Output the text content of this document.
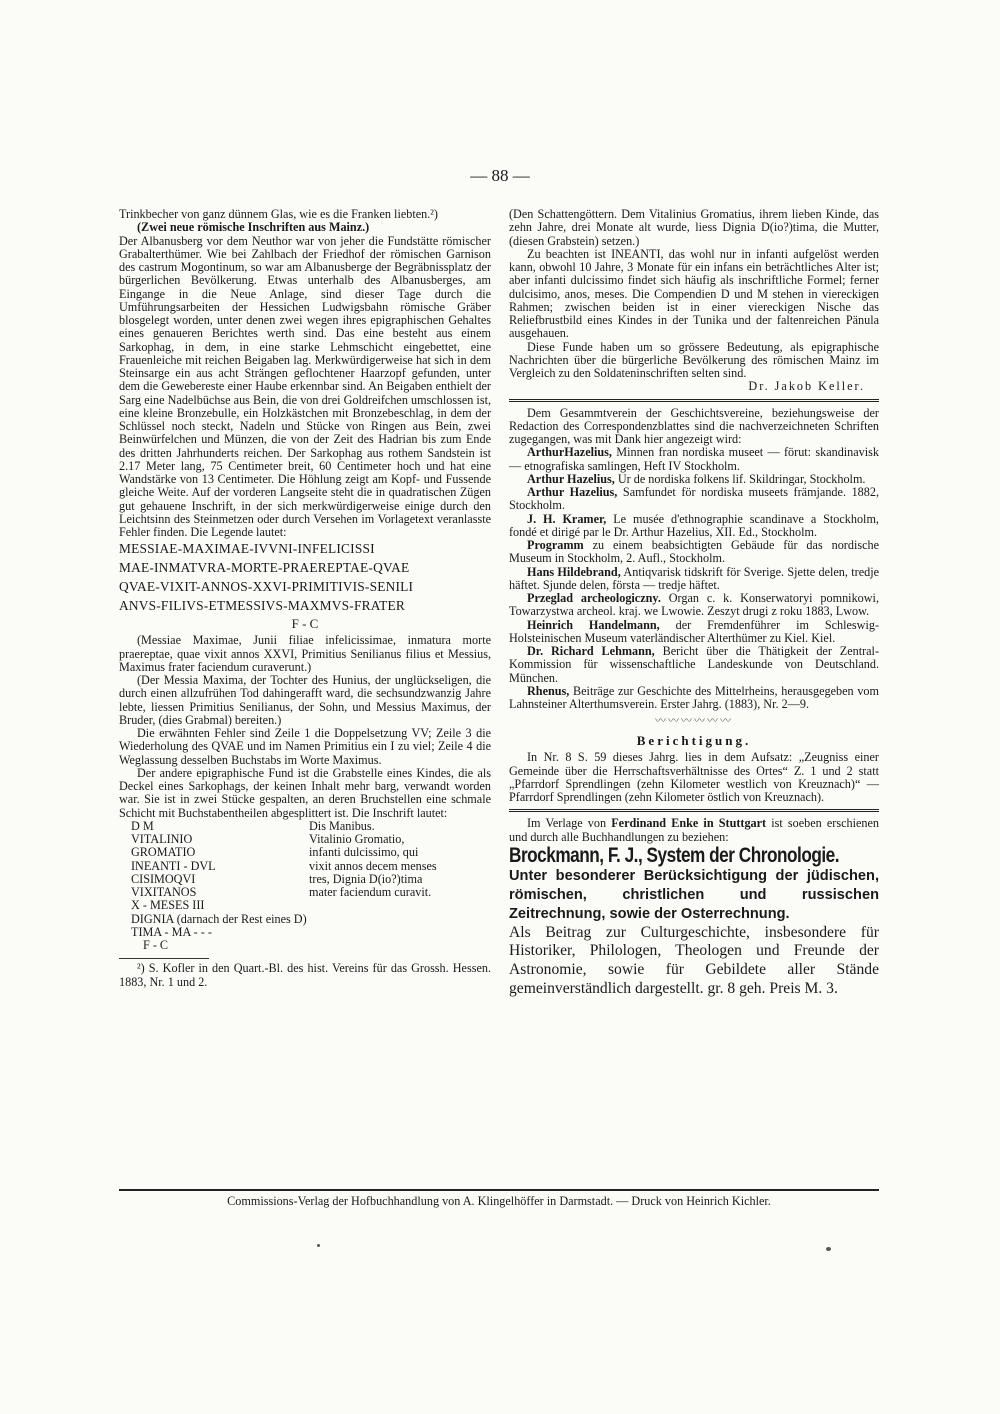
— 88 —

Trinkbecher von ganz dünnem Glas, wie es die Franken liebten.²)

(Zwei neue römische Inschriften aus Mainz.)

Der Albanusberg vor dem Neuthor war von jeher die Fundstätte römischer Grabalterthümer. Wie bei Zahlbach der Friedhof der römischen Garnison des castrum Mogontinum, so war am Albanusberge der Begräbnissplatz der bürgerlichen Bevölkerung. Etwas unterhalb des Albanusberges, am Eingange in die Neue Anlage, sind dieser Tage durch die Umführungsarbeiten der Hessichen Ludwigsbahn römische Gräber blosgelegt worden, unter denen zwei wegen ihres epigraphischen Gehaltes eines genaueren Berichtes werth sind. Das eine besteht aus einem Sarkophag, in dem, in eine starke Lehmschicht eingebettet, eine Frauenleiche mit reichen Beigaben lag. Merkwürdigerweise hat sich in dem Steinsarge ein aus acht Strängen geflochtener Haarzopf gefunden, unter dem die Gewebereste einer Haube erkennbar sind. An Beigaben enthielt der Sarg eine Nadelbüchse aus Bein, die von drei Goldreifchen umschlossen ist, eine kleine Bronzebulle, ein Holzkästchen mit Bronzebeschlag, in dem der Schlüssel noch steckt, Nadeln und Stücke von Ringen aus Bein, zwei Beinwürfelchen und Münzen, die von der Zeit des Hadrian bis zum Ende des dritten Jahrhunderts reichen. Der Sarkophag aus rothem Sandstein ist 2.17 Meter lang, 75 Centimeter breit, 60 Centimeter hoch und hat eine Wandstärke von 13 Centimeter. Die Höhlung zeigt am Kopf- und Fussende gleiche Weite. Auf der vorderen Langseite steht die in quadratischen Zügen gut gehauene Inschrift, in der sich merkwürdigerweise einige durch den Leichtsinn des Steinmetzen oder durch Versehen im Vorlagetext veranlasste Fehler finden. Die Legende lautet:

MESSIAE-MAXIMAE-IVVNI-INFELICISSI
MAE-INMATVRA-MORTE-PRAEREPTAE-QVAE
QVAE-VIXIT-ANNOS-XXVI-PRIMITIVIS-SENILI
ANVS-FILIVS-ETMESSIVS-MAXMVS-FRATER
F - C

(Messiae Maximae, Junii filiae infelicissimae, inmatura morte praereptae, quae vixit annos XXVI, Primitius Senilianus filius et Messius, Maximus frater faciendum curaverunt.)

(Der Messia Maxima, der Tochter des Hunius, der unglückseligen, die durch einen allzufrühen Tod dahingerafft ward, die sechsundzwanzig Jahre lebte, liessen Primitius Senilianus, der Sohn, und Messius Maximus, der Bruder, (dies Grabmal) bereiten.)

Die erwähnten Fehler sind Zeile 1 die Doppelsetzung VV; Zeile 3 die Wiederholung des QVAE und im Namen Primitius ein I zu viel; Zeile 4 die Weglassung desselben Buchstabs im Worte Maximus.

Der andere epigraphische Fund ist die Grabstelle eines Kindes, die als Deckel eines Sarkophags, der keinen Inhalt mehr barg, verwandt worden war. Sie ist in zwei Stücke gespalten, an deren Bruchstellen eine schmale Schicht mit Buchstabentheilen abgesplittert ist. Die Inschrift lautet:

D M	Dis Manibus.
VITALINIO	Vitalinio Gromatio,
GROMATIO	infanti dulcissimo, qui
INEANTI - DVL	vixit annos decem menses
CISIMOQVI	tres, Dignia D(io?)tima
VIXITANOS	mater faciendum curavit.
X - MESES III
DIGNIA (darnach der Rest eines D)
TIMA - MA - - -
F - C

²) S. Kofler in den Quart.-Bl. des hist. Vereins für das Grossh. Hessen. 1883, Nr. 1 und 2.

(Den Schattengöttern. Dem Vitalinius Gromatius, ihrem lieben Kinde, das zehn Jahre, drei Monate alt wurde, liess Dignia D(io?)tima, die Mutter, (diesen Grabstein) setzen.)

Zu beachten ist INEANTI, das wohl nur in infanti aufgelöst werden kann, obwohl 10 Jahre, 3 Monate für ein infans ein beträchtliches Alter ist; aber infanti dulcissimo findet sich häufig als inschriftliche Formel; ferner dulcisimo, anos, meses. Die Compendien D und M stehen in viereckigen Rahmen; zwischen beiden ist in einer viereckigen Nische das Reliefbrustbild eines Kindes in der Tunika und der faltenreichen Pänula ausgehauen.

Diese Funde haben um so grössere Bedeutung, als epigraphische Nachrichten über die bürgerliche Bevölkerung des römischen Mainz im Vergleich zu den Soldateninschriften selten sind.

Dr. Jakob Keller.

Dem Gesammtverein der Geschichtsvereine, beziehungsweise der Redaction des Correspondenzblattes sind die nachverzeichneten Schriften zugegangen, was mit Dank hier angezeigt wird:

ArthurHazelius, Minnen fran nordiska museet — förut: skandinavisk — etnografiska samlingen, Heft IV Stockholm.

Arthur Hazelius, Ur de nordiska folkens lif. Skildringar, Stockholm.

Arthur Hazelius, Samfundet för nordiska museets främjande. 1882, Stockholm.

J. H. Kramer, Le musée d'ethnographie scandinave a Stockholm, fondé et dirigé par le Dr. Arthur Hazelius, XII. Ed., Stockholm.

Programm zu einem beabsichtigten Gebäude für das nordische Museum in Stockholm, 2. Aufl., Stockholm.

Hans Hildebrand, Antiqvarisk tidskrift för Sverige. Sjette delen, tredje häftet. Sjunde delen, första — tredje häftet.

Przeglad archeologiczny. Organ c. k. Konserwatoryi pomnikowi, Towarzystwa archeol. kraj. we Lwowie. Zeszyt drugi z roku 1883, Lwow.

Heinrich Handelmann, der Fremdenführer im Schleswig-Holsteinischen Museum vaterländischer Alterthümer zu Kiel. Kiel.

Dr. Richard Lehmann, Bericht über die Thätigkeit der Zentral-Kommission für wissenschaftliche Landeskunde von Deutschland. München.

Rhenus, Beiträge zur Geschichte des Mittelrheins, herausgegeben vom Lahnsteiner Alterthumsverein. Erster Jahrg. (1883), Nr. 2—9.

〰〰〰〰〰〰
Berichtigung.

In Nr. 8 S. 59 dieses Jahrg. lies in dem Aufsatz: „Zeugniss einer Gemeinde über die Herrschaftsverhältnisse des Ortes“ Z. 1 und 2 statt „Pfarrdorf Sprendlingen (zehn Kilometer westlich von Kreuznach)“ — Pfarrdorf Sprendlingen (zehn Kilometer östlich von Kreuznach).

Im Verlage von Ferdinand Enke in Stuttgart ist soeben erschienen und durch alle Buchhandlungen zu beziehen:

Brockmann, F. J., System der Chronologie.
Unter besonderer Berücksichtigung der jüdischen, römischen, christlichen und russischen Zeitrechnung, sowie der Osterrechnung.
Als Beitrag zur Culturgeschichte, insbesondere für Historiker, Philologen, Theologen und Freunde der Astronomie, sowie für Gebildete aller Stände gemeinverständlich dargestellt. gr. 8 geh. Preis M. 3.
Commissions-Verlag der Hofbuchhandlung von A. Klingelhöffer in Darmstadt. — Druck von Heinrich Kichler.
